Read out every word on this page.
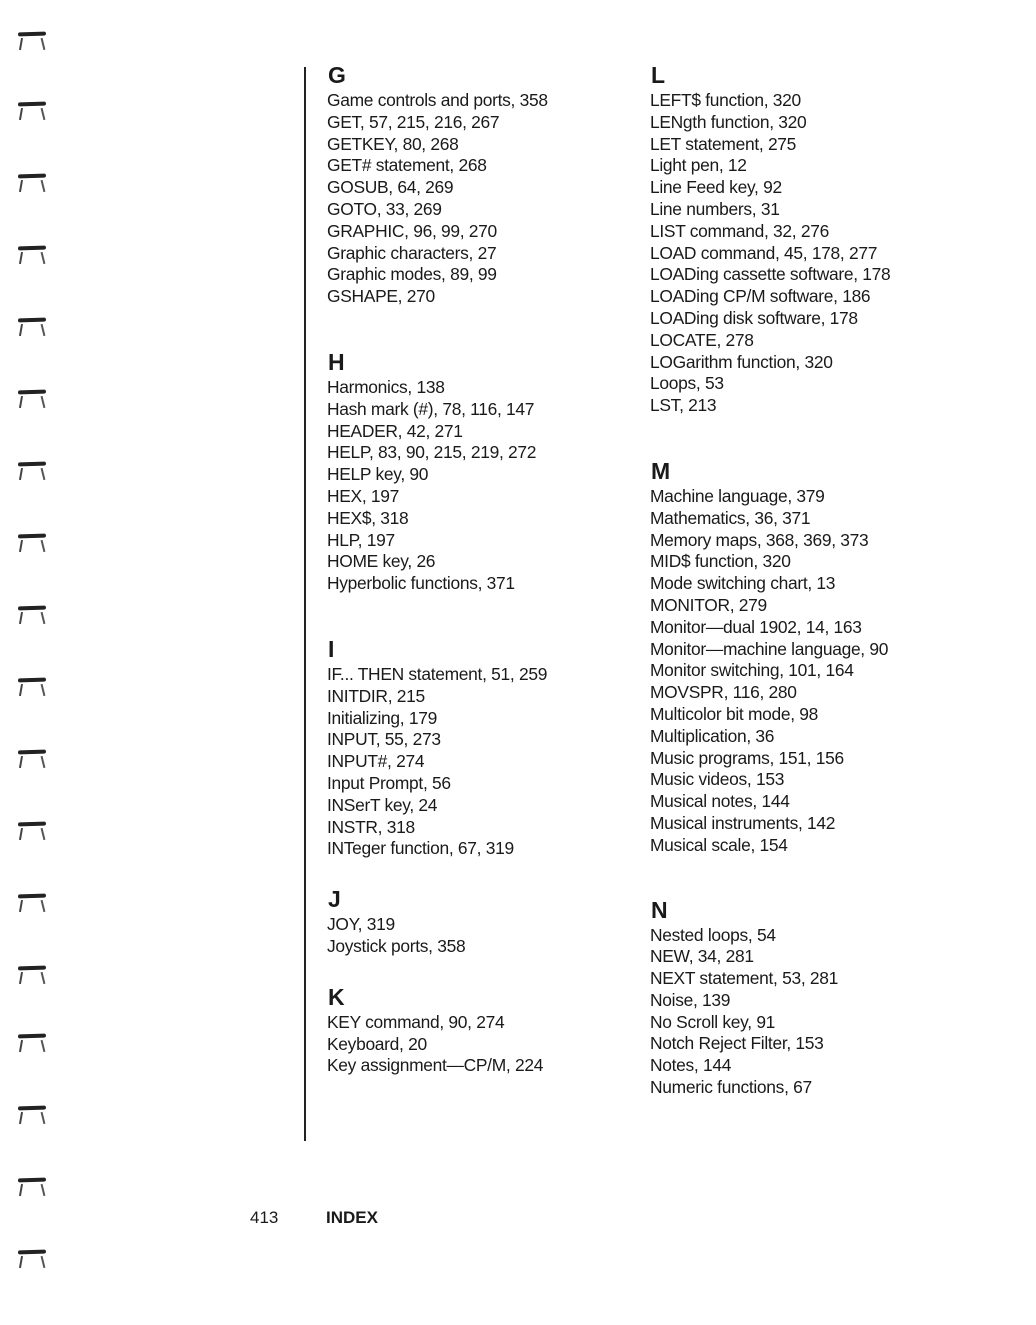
G
Game controls and ports, 358
GET, 57, 215, 216, 267
GETKEY, 80, 268
GET# statement, 268
GOSUB, 64, 269
GOTO, 33, 269
GRAPHIC, 96, 99, 270
Graphic characters, 27
Graphic modes, 89, 99
GSHAPE, 270
H
Harmonics, 138
Hash mark (#), 78, 116, 147
HEADER, 42, 271
HELP, 83, 90, 215, 219, 272
HELP key, 90
HEX, 197
HEX$, 318
HLP, 197
HOME key, 26
Hyperbolic functions, 371
I
IF... THEN statement, 51, 259
INITDIR, 215
Initializing, 179
INPUT, 55, 273
INPUT#, 274
Input Prompt, 56
INSerT key, 24
INSTR, 318
INTeger function, 67, 319
J
JOY, 319
Joystick ports, 358
K
KEY command, 90, 274
Keyboard, 20
Key assignment—CP/M, 224
L
LEFT$ function, 320
LENgth function, 320
LET statement, 275
Light pen, 12
Line Feed key, 92
Line numbers, 31
LIST command, 32, 276
LOAD command, 45, 178, 277
LOADing cassette software, 178
LOADing CP/M software, 186
LOADing disk software, 178
LOCATE, 278
LOGarithm function, 320
Loops, 53
LST, 213
M
Machine language, 379
Mathematics, 36, 371
Memory maps, 368, 369, 373
MID$ function, 320
Mode switching chart, 13
MONITOR, 279
Monitor—dual 1902, 14, 163
Monitor—machine language, 90
Monitor switching, 101, 164
MOVSPR, 116, 280
Multicolor bit mode, 98
Multiplication, 36
Music programs, 151, 156
Music videos, 153
Musical notes, 144
Musical instruments, 142
Musical scale, 154
N
Nested loops, 54
NEW, 34, 281
NEXT statement, 53, 281
Noise, 139
No Scroll key, 91
Notch Reject Filter, 153
Notes, 144
Numeric functions, 67
413	INDEX
